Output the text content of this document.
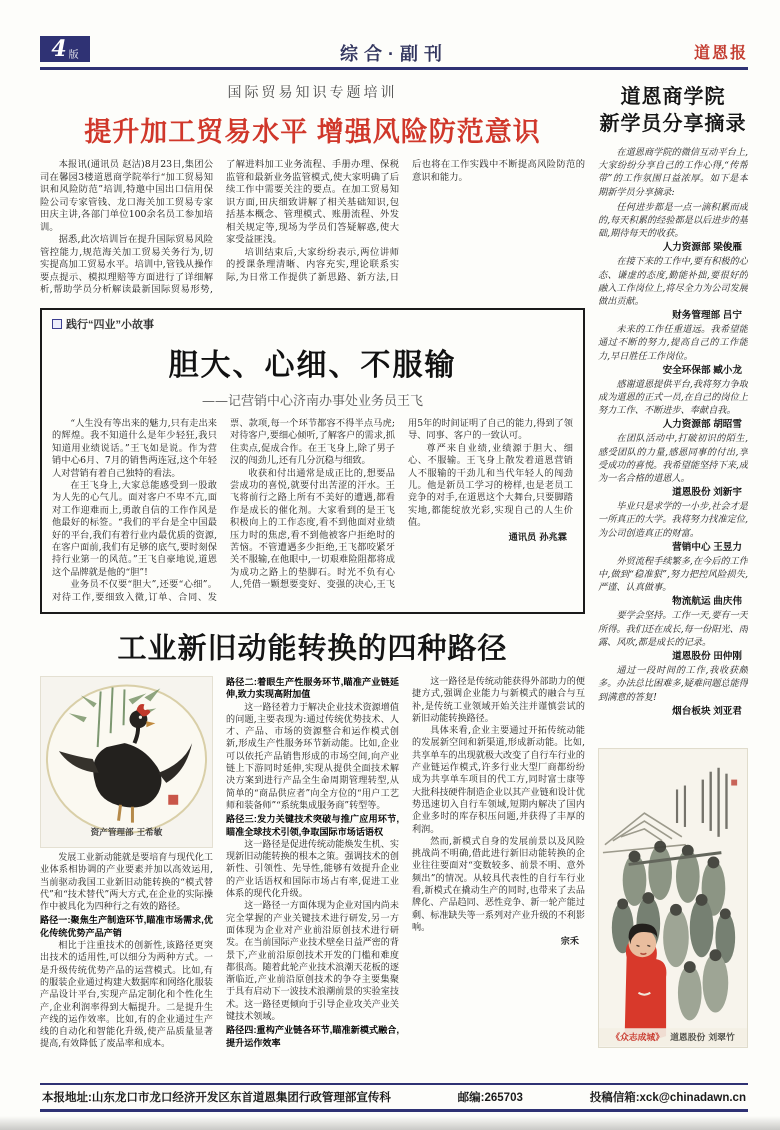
4 版	综合·副刊	道恩报
国际贸易知识专题培训
提升加工贸易水平 增强风险防范意识

本报讯(通讯员 赵洁)8月23日,集团公司在馨园3楼道恩商学院举行“加工贸易知识和风险防范”培训,特邀中国出口信用保险公司专家管钱、龙口海关加工贸易专家田庆主讲,各部门单位100余名员工参加培训。

据悉,此次培训旨在提升国际贸易风险管控能力,规范海关加工贸易关务行为,切实提高加工贸易水平。培训中,管钱从操作要点提示、模拟理赔等方面进行了详细解析,帮助学员分析解读最新国际贸易形势,了解进料加工业务流程、手册办理、保税监管和最新业务监管模式,使大家明确了后续工作中需要关注的要点。在加工贸易知识方面,田庆细致讲解了相关基础知识,包括基本概念、管理模式、账册流程、外发相关规定等,现场为学员们答疑解惑,使大家受益匪浅。

培训结束后,大家纷纷表示,两位讲师的授课条理清晰、内容充实,理论联系实际,为日常工作提供了新思路、新方法,日后也将在工作实践中不断提高风险防范的意识和能力。

践行“四业”小故事
胆大、心细、不服输
——记营销中心济南办事处业务员王飞

“人生没有等出来的魅力,只有走出来的辉煌。我不知道什么是年少轻狂,我只知道用业绩说话。”王飞如是说。作为营销中心6月、7月的销售两连冠,这个年轻人对营销有着自己独特的看法。

在王飞身上,大家总能感受到一股敢为人先的心气儿。面对客户不卑不亢,面对工作迎难而上,勇敢自信的工作作风是他最好的标签。“我们的平台是全中国最好的平台,我们有着行业内最优质的资源,在客户面前,我们有足够的底气,要时刻保持行业第一的风范。”王飞自豪地说,道恩这个品牌就是他的“胆”!

业务员不仅要“胆大”,还要“心细”。对待工作,要细致入微,订单、合同、发票、款项,每一个环节都容不得半点马虎;对待客户,要细心倾听,了解客户的需求,抓住卖点,促成合作。在王飞身上,除了男子汉的闯劲儿,还有几分沉稳与细致。

收获和付出通常是成正比的,想要品尝成功的喜悦,就要付出苦涩的汗水。王飞将前行之路上所有不美好的遭遇,都看作是成长的催化剂。大家看到的是王飞积极向上的工作态度,看不到他面对业绩压力时的焦虑,看不到他被客户拒绝时的苦恼。不管遭遇多少拒绝,王飞都咬紧牙关不服输,在他眼中,一切艰难险阻都将成为成功之路上的垫脚石。时光不负有心人,凭借一颗想要变好、变强的决心,王飞用5年的时间证明了自己的能力,得到了领导、同事、客户的一致认可。

尊严来自业绩,业绩源于胆大、细心、不服输。王飞身上散发着道恩营销人不服输的干劲儿和当代年轻人的闯劲儿。他是新员工学习的榜样,也是老员工竞争的对手,在道恩这个大舞台,只要脚踏实地,都能绽放光彩,实现自己的人生价值。

通讯员 孙兆霖

工业新旧动能转换的四种路径
资产管理部 王希敏

发展工业新动能就是要培育与现代化工业体系相协调的产业要素并加以高效运用,当前驱动我国工业新旧动能转换的“模式替代”和“技术替代”两大方式,在企业的实际操作中被具化为四种行之有效的路径。

路径一:聚焦生产制造环节,瞄准市场需求,优化传统优势产品产销

相比于注重技术的创新性,该路径更突出技术的适用性,可以细分为两种方式。一是升级传统优势产品的运营模式。比如,有的服装企业通过构建大数据库和网络化服装产品设计平台,实现产品定制化和个性化生产,企业利润率得到大幅提升。二是提升生产线的运作效率。比如,有的企业通过生产线的自动化和智能化升级,使产品质量显著提高,有效降低了废品率和成本。

路径二:着眼生产性服务环节,瞄准产业链延伸,致力实现高附加值

这一路径着力于解决企业技术资源增值的问题,主要表现为:通过传统优势技术、人才、产品、市场的资源整合和运作模式创新,形成生产性服务环节新动能。比如,企业可以依托产品销售形成的市场空间,向产业链上下游同时延伸,实现从提供全面技术解决方案到进行产品全生命周期管理转型,从简单的“商品供应者”向全方位的“用户工艺师和装备师”“系统集成服务商”转型等。

路径三:发力关键技术突破与推广应用环节,瞄准全球技术引领,争取国际市场话语权

这一路径是促进传统动能焕发生机、实现新旧动能转换的根本之策。强调技术的创新性、引领性、先导性,能够有效提升企业的产业话语权和国际市场占有率,促进工业体系的现代化升级。

这一路径一方面体现为企业对国内尚未完全掌握的产业关键技术进行研发,另一方面体现为企业对产业前沿原创技术进行研发。在当前国际产业技术壁垒日益严密的背景下,产业前沿原创技术开发的门槛和难度都很高。随着此轮产业技术浪潮天花板的逐渐临近,产业前沿原创技术的争夺主要集聚于具有启动下一波技术浪潮前景的实验室技术。这一路径更倾向于引导企业攻关产业关键技术领域。

路径四:重构产业链各环节,瞄准新模式融合,提升运作效率

这一路径是传统动能获得外部助力的便捷方式,强调企业能力与新模式的融合与互补,是传统工业领域开始关注并谨慎尝试的新旧动能转换路径。

具体来看,企业主要通过开拓传统动能的发展新空间和新渠道,形成新动能。比如,共享单车的出现就极大改变了自行车行业的产业链运作模式,许多行业大型厂商都纷纷成为共享单车项目的代工方,同时富士康等大批科技硬件制造企业以其产业链和设计优势迅速切入自行车领域,短期内解决了国内企业多时的库存积压问题,并获得了丰厚的利润。

然而,新模式自身的发展前景以及风险挑战尚不明确,借此进行新旧动能转换的企业往往要面对“变数较多、前景不明、意外频出”的情况。从较具代表性的自行车行业看,新模式在撬动生产的同时,也带来了去品牌化、产品趋同、恶性竞争、新一轮产能过剩、标准缺失等一系列对产业升级的不利影响。

宗禾

道恩商学院
新学员分享摘录

在道恩商学院的微信互动平台上,大家纷纷分享自己的工作心得,“传帮带”的工作氛围日益浓厚。如下是本期新学员分享摘录:

任何进步都是一点一滴积累而成的,每天积累的经验都是以后进步的基础,期待每天的收获。

人力资源部 梁俊雁

在接下来的工作中,要有积极的心态、谦虚的态度,勤能补拙,要很好的融入工作岗位上,将尽全力为公司发展做出贡献。

财务管理部 吕宁

未来的工作任重道远。我希望能通过不断的努力,提高自己的工作能力,早日胜任工作岗位。

安全环保部 臧小龙

感谢道恩提供平台,我将努力争取成为道恩的正式一员,在自己的岗位上努力工作、不断进步、奉献自我。

人力资源部 胡昭雪

在团队活动中,打破初识的陌生,感受团队的力量,感恩同事的付出,享受成功的喜悦。我希望能坚持下来,成为一名合格的道恩人。

道恩股份 刘新宇

毕业只是求学的一小步,社会才是一所真正的大学。我将努力找准定位,为公司创造真正的财富。

营销中心 王昱力

外贸流程手续繁多,在今后的工作中,做到“稳准狠”,努力把控风险损失,严谨、认真做事。

物流航运 曲庆伟

要学会坚持。工作一天,要有一天所得。我们还在成长,每一份阳光、雨露、风吹,都是成长的记录。

道恩股份 田仲刚

通过一段时间的工作,我收获颇多。办法总比困难多,疑难问题总能得到满意的答复!

烟台板块 刘亚君
《众志成城》 道恩股份 刘翠竹
本报地址:山东龙口市龙口经济开发区东首道恩集团行政管理部宣传科	邮编:265703	投稿信箱:xck@chinadawn.cn
